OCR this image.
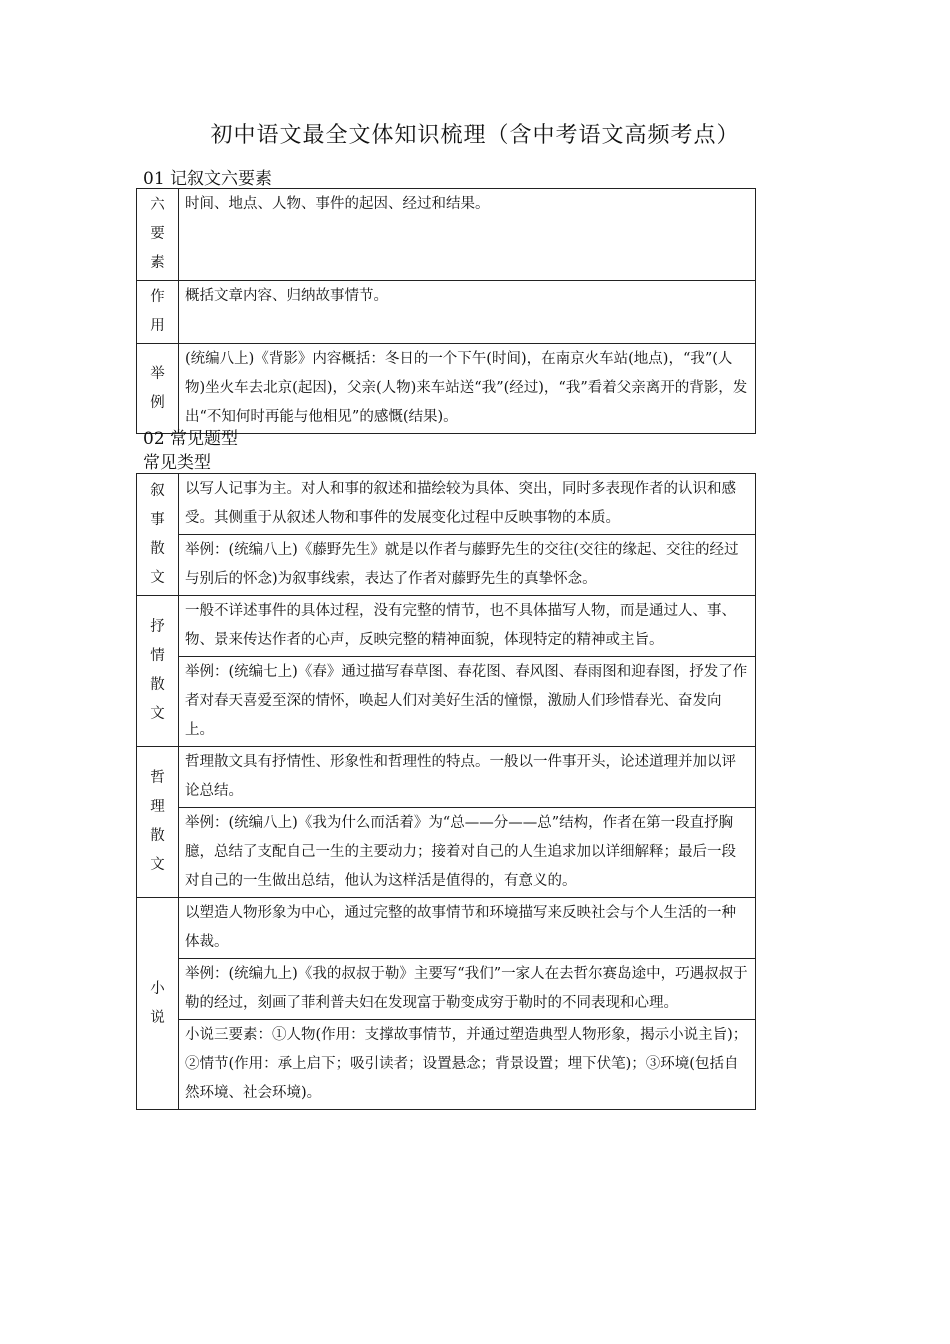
初中语文最全文体知识梳理（含中考语文高频考点）
01 记叙文六要素
六
要
素	时间、地点、人物、事件的起因、经过和结果。

作
用	概括文章内容、归纳故事情节。

举
例	(统编八上)《背影》内容概括：冬日的一个下午(时间)，在南京火车站(地点)，“我”(人物)坐火车去北京(起因)，父亲(人物)来车站送“我”(经过)，“我”看着父亲离开的背影，发出“不知何时再能与他相见”的感慨(结果)。
02 常见题型
常见类型
叙
事
散
文	以写人记事为主。对人和事的叙述和描绘较为具体、突出，同时多表现作者的认识和感受。其侧重于从叙述人物和事件的发展变化过程中反映事物的本质。
	举例：(统编八上)《藤野先生》就是以作者与藤野先生的交往(交往的缘起、交往的经过与别后的怀念)为叙事线索，表达了作者对藤野先生的真挚怀念。

抒
情
散
文	一般不详述事件的具体过程，没有完整的情节，也不具体描写人物，而是通过人、事、物、景来传达作者的心声，反映完整的精神面貌，体现特定的精神或主旨。
	举例：(统编七上)《春》通过描写春草图、春花图、春风图、春雨图和迎春图，抒发了作者对春天喜爱至深的情怀，唤起人们对美好生活的憧憬，激励人们珍惜春光、奋发向上。

哲
理
散
文	哲理散文具有抒情性、形象性和哲理性的特点。一般以一件事开头，论述道理并加以评论总结。
	举例：(统编八上)《我为什么而活着》为“总——分——总”结构，作者在第一段直抒胸臆，总结了支配自己一生的主要动力；接着对自己的人生追求加以详细解释；最后一段对自己的一生做出总结，他认为这样活是值得的，有意义的。

小
说	以塑造人物形象为中心，通过完整的故事情节和环境描写来反映社会与个人生活的一种体裁。
	举例：(统编九上)《我的叔叔于勒》主要写“我们”一家人在去哲尔赛岛途中，巧遇叔叔于勒的经过，刻画了菲利普夫妇在发现富于勒变成穷于勒时的不同表现和心理。
	小说三要素：①人物(作用：支撑故事情节，并通过塑造典型人物形象，揭示小说主旨)；②情节(作用：承上启下；吸引读者；设置悬念；背景设置；埋下伏笔)；③环境(包括自然环境、社会环境)。
